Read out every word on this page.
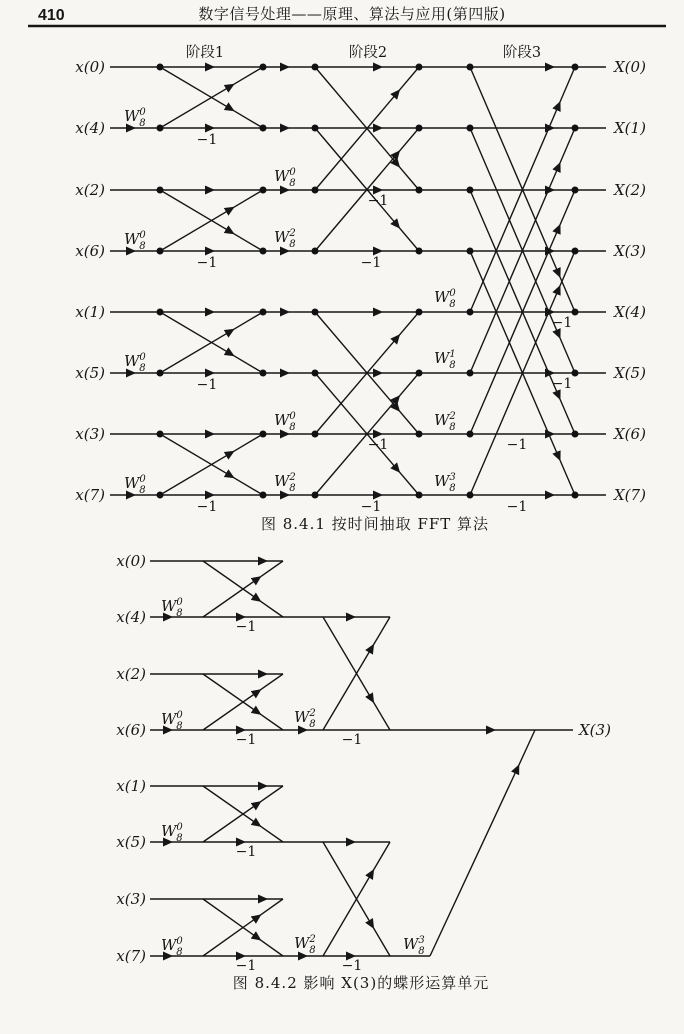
410	数字信号处理——原理、算法与应用(第四版)
阶段1	阶段2	阶段3
x(0)
x(4)
x(2)
x(6)
x(1)
x(5)
x(3)
x(7)
X(0)
X(1)
X(2)
X(3)
X(4)
X(5)
X(6)
X(7)
$W^0$ 8
$W^0$ 8
$W^0$ 8
$W^0$ 8
$W^0$ 8
$W^2$ 8
$W^0$ 8
$W^2$ 8
$W^0$ 8
$W^1$ 8
$W^2$ 8
$W^3$ 8
−1
−1
−1
−1
−1
−1
−1
−1
−1
−1
−1
−1
图 8.4.1 按时间抽取 FFT 算法
x(0)
x(4)
x(2)
x(6)
x(1)
x(5)
x(3)
x(7)
X(3)
$W^0$ 8
$W^0$ 8
$W^0$ 8
$W^0$ 8
$W^2$ 8
$W^2$ 8	$W^3$ 8
−1
−1
−1
−1
−1
−1
图 8.4.2 影响 X(3)的蝶形运算单元
